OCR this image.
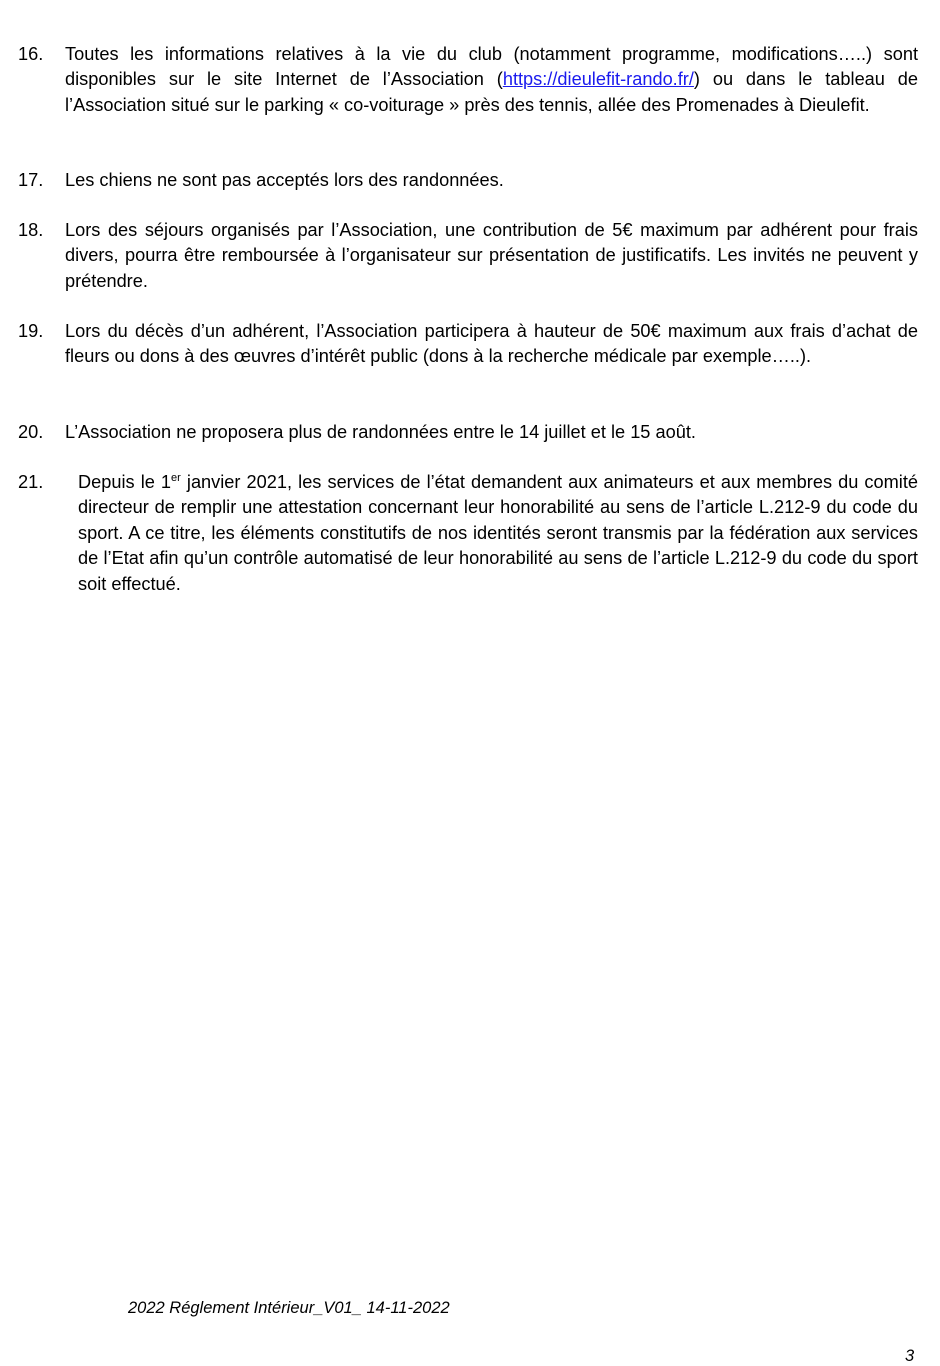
16.	Toutes les informations relatives à la vie du club (notamment programme, modifications…..) sont disponibles sur le site Internet de l’Association (https://dieulefit-rando.fr/) ou dans le tableau de l’Association situé sur le parking « co-voiturage » près des tennis, allée des Promenades à Dieulefit.
17.	Les chiens ne sont pas acceptés lors des randonnées.
18.	Lors des séjours organisés par l’Association, une contribution de 5€ maximum par adhérent pour frais divers, pourra être remboursée à l’organisateur sur présentation de justificatifs. Les invités ne peuvent y prétendre.
19.	Lors du décès d’un adhérent, l’Association participera à hauteur de 50€ maximum aux frais d’achat de fleurs ou dons à des œuvres d’intérêt public (dons à la recherche médicale par exemple…..).
20.	L’Association ne proposera plus de randonnées entre le 14 juillet et le 15 août.
21.	Depuis le 1er janvier 2021, les services de l’état demandent aux animateurs et aux membres du comité directeur de remplir une attestation concernant leur honorabilité au sens de l’article L.212-9 du code du sport. A ce titre, les éléments constitutifs de nos identités seront transmis par la fédération aux services de l’Etat afin qu’un contrôle automatisé de leur honorabilité au sens de l’article L.212-9 du code du sport soit effectué.
2022 Réglement Intérieur_V01_ 14-11-2022
3
